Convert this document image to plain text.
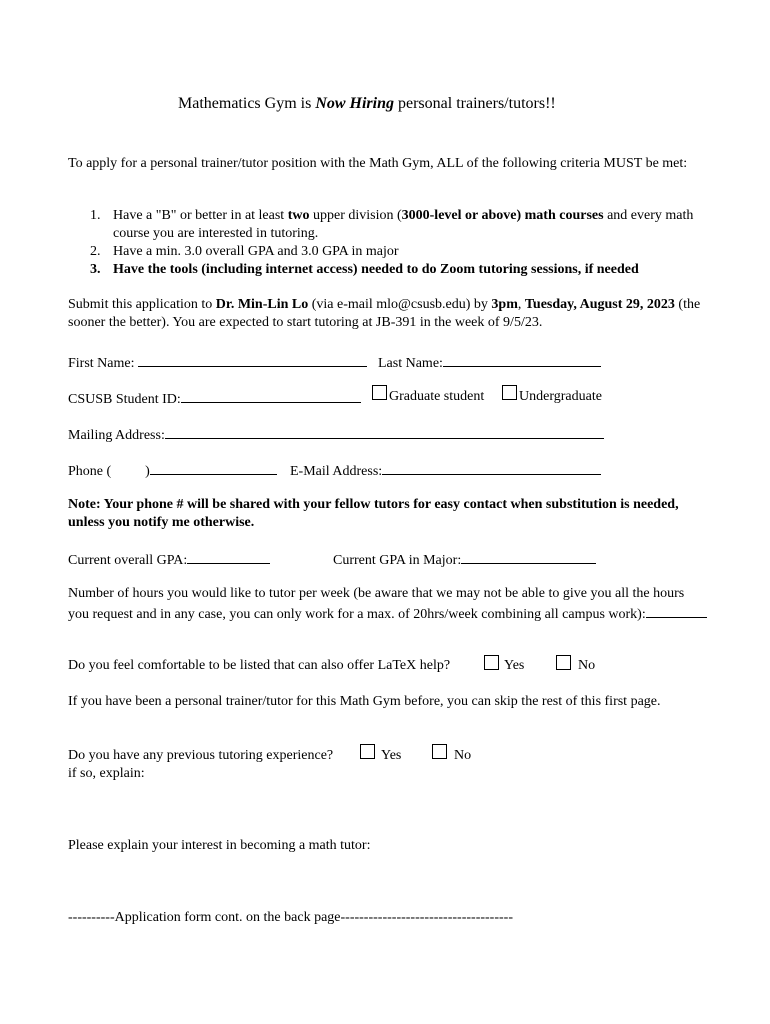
Mathematics Gym is Now Hiring personal trainers/tutors!!
To apply for a personal trainer/tutor position with the Math Gym, ALL of the following criteria MUST be met:
1. Have a "B" or better in at least two upper division (3000-level or above) math courses and every math course you are interested in tutoring.
2. Have a min. 3.0 overall GPA and 3.0 GPA in major
3. Have the tools (including internet access) needed to do Zoom tutoring sessions, if needed
Submit this application to Dr. Min-Lin Lo (via e-mail mlo@csusb.edu) by 3pm, Tuesday, August 29, 2023 (the sooner the better). You are expected to start tutoring at JB-391 in the week of 9/5/23.
First Name:	Last Name:
CSUSB Student ID:	Graduate student Undergraduate
Mailing Address:
Phone ( )	E-Mail Address:
Note: Your phone # will be shared with your fellow tutors for easy contact when substitution is needed, unless you notify me otherwise.
Current overall GPA:	Current GPA in Major:
Number of hours you would like to tutor per week (be aware that we may not be able to give you all the hours you request and in any case, you can only work for a max. of 20hrs/week combining all campus work):
Do you feel comfortable to be listed that can also offer LaTeX help?	Yes	No
If you have been a personal trainer/tutor for this Math Gym before, you can skip the rest of this first page.
Do you have any previous tutoring experience?	Yes	No
if so, explain:
Please explain your interest in becoming a math tutor:
----------Application form cont. on the back page-------------------------------------
